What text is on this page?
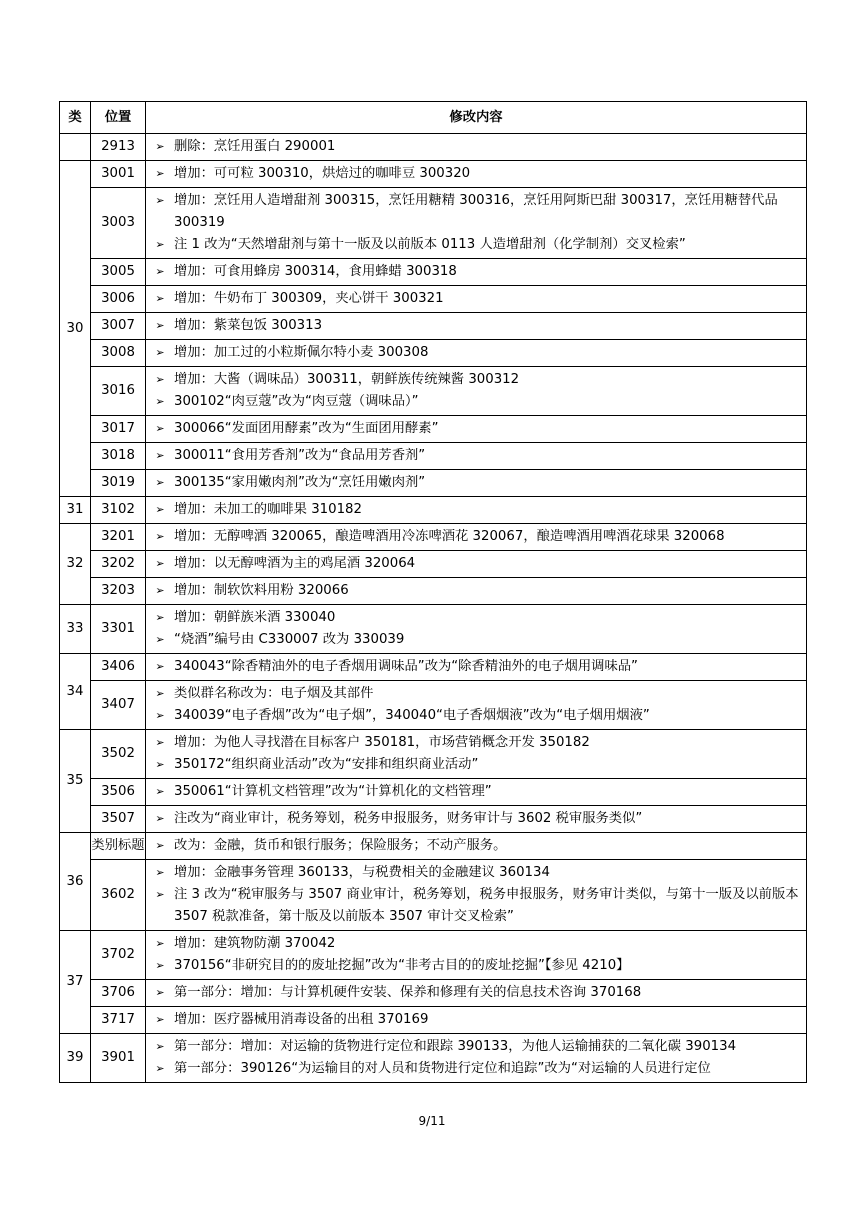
类	位置	修改内容
	2913	➢ 删除：烹饪用蛋白 290001

30	3001	➢ 增加：可可粒 300310，烘焙过的咖啡豆 300320

	3003	➢ 增加：烹饪用人造增甜剂 300315，烹饪用糖精 300316，烹饪用阿斯巴甜 300317，烹饪用糖替代品 300319
➢ 注 1 改为“天然增甜剂与第十一版及以前版本 0113 人造增甜剂（化学制剂）交叉检索”

	3005	➢ 增加：可食用蜂房 300314，食用蜂蜡 300318

	3006	➢ 增加：牛奶布丁 300309，夹心饼干 300321

	3007	➢ 增加：紫菜包饭 300313

	3008	➢ 增加：加工过的小粒斯佩尔特小麦 300308

	3016	➢ 增加：大酱（调味品）300311，朝鲜族传统辣酱 300312
➢ 300102“肉豆蔻”改为“肉豆蔻（调味品）”

	3017	➢ 300066“发面团用酵素”改为“生面团用酵素”

	3018	➢ 300011“食用芳香剂”改为“食品用芳香剂”

	3019	➢ 300135“家用嫩肉剂”改为“烹饪用嫩肉剂”

31	3102	➢ 增加：未加工的咖啡果 310182

32	3201	➢ 增加：无醇啤酒 320065，酿造啤酒用冷冻啤酒花 320067，酿造啤酒用啤酒花球果 320068

	3202	➢ 增加：以无醇啤酒为主的鸡尾酒 320064

	3203	➢ 增加：制软饮料用粉 320066

33	3301	➢ 增加：朝鲜族米酒 330040
➢ “烧酒”编号由 C330007 改为 330039

34	3406	➢ 340043“除香精油外的电子香烟用调味品”改为“除香精油外的电子烟用调味品”

	3407	➢ 类似群名称改为：电子烟及其部件
➢ 340039“电子香烟”改为“电子烟”，340040“电子香烟烟液”改为“电子烟用烟液”

35	3502	➢ 增加：为他人寻找潜在目标客户 350181，市场营销概念开发 350182
➢ 350172“组织商业活动”改为“安排和组织商业活动”

	3506	➢ 350061“计算机文档管理”改为“计算机化的文档管理”

	3507	➢ 注改为“商业审计，税务筹划，税务申报服务，财务审计与 3602 税审服务类似”

36	类别标题	➢ 改为：金融，货币和银行服务；保险服务；不动产服务。

	3602	➢ 增加：金融事务管理 360133，与税费相关的金融建议 360134
➢ 注 3 改为“税审服务与 3507 商业审计，税务筹划，税务申报服务，财务审计类似，与第十一版及以前版本 3507 税款准备，第十版及以前版本 3507 审计交叉检索”

37	3702	➢ 增加：建筑物防潮 370042
➢ 370156“非研究目的的废址挖掘”改为“非考古目的的废址挖掘”【参见 4210】

	3706	➢ 第一部分：增加：与计算机硬件安装、保养和修理有关的信息技术咨询 370168

	3717	➢ 增加：医疗器械用消毒设备的出租 370169

39	3901	➢ 第一部分：增加：对运输的货物进行定位和跟踪 390133，为他人运输捕获的二氧化碳 390134
➢ 第一部分：390126“为运输目的对人员和货物进行定位和追踪”改为“对运输的人员进行定位
9/11
